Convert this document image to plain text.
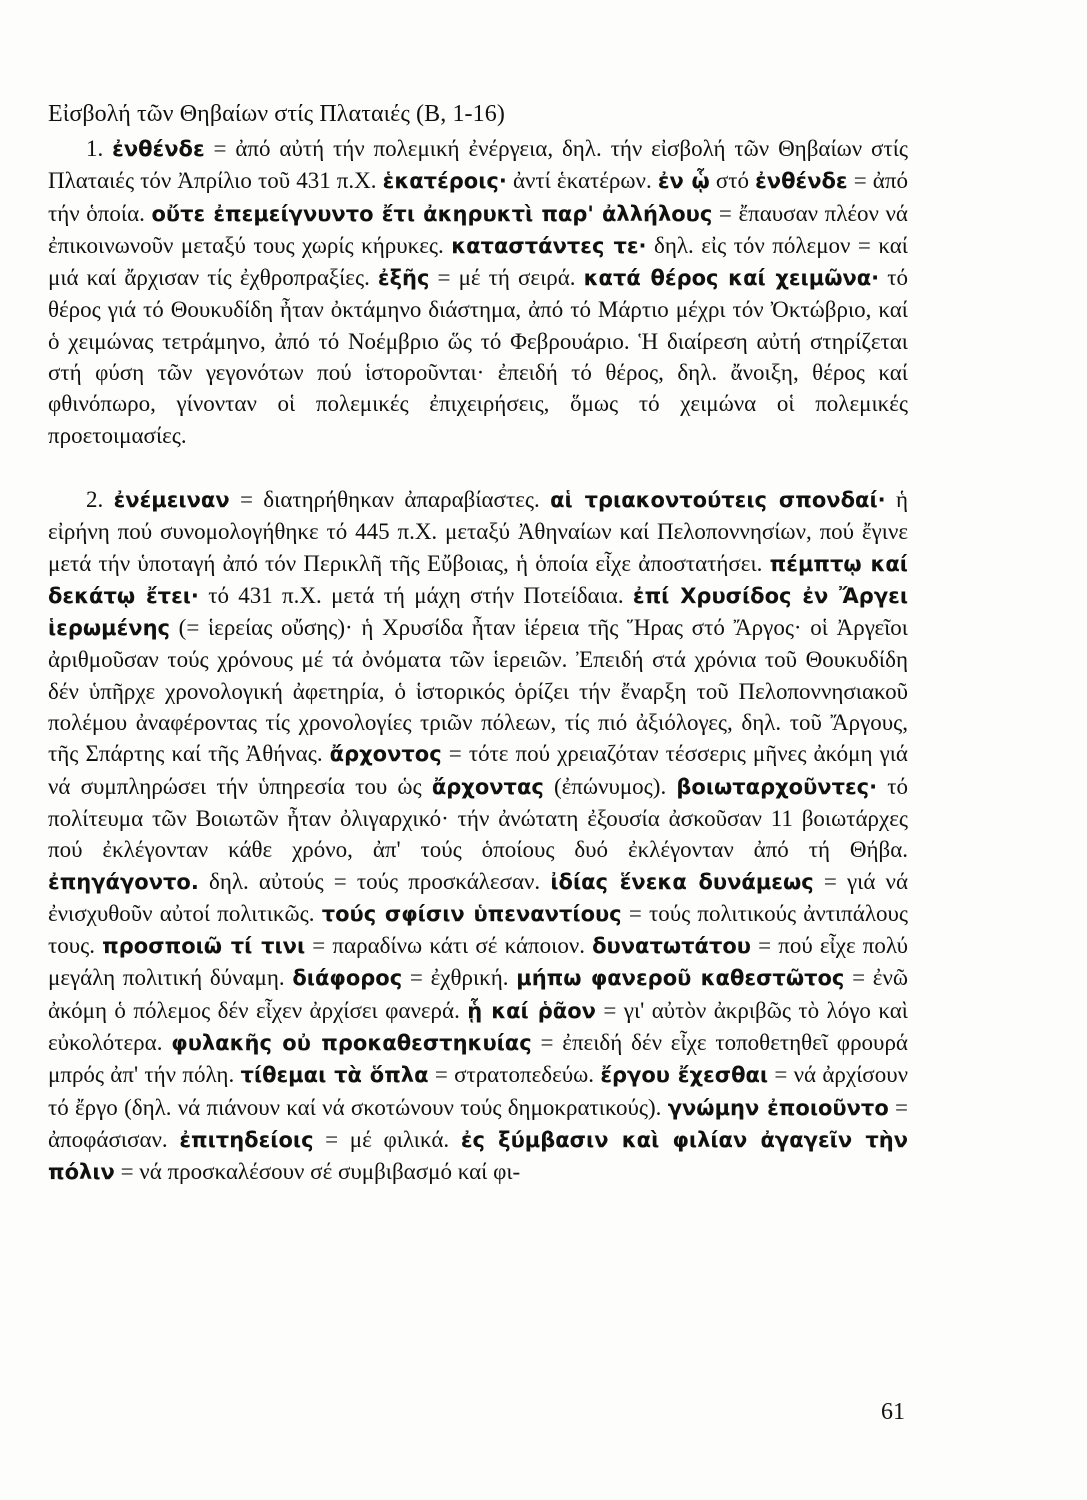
Εἰσβολή τῶν Θηβαίων στίς Πλαταιές (Β, 1-16)

1. ἐνθένδε = ἀπό αὐτή τήν πολεμική ἐνέργεια, δηλ. τήν εἰσβολή τῶν Θηβαίων στίς Πλαταιές τόν Ἀπρίλιο τοῦ 431 π.Χ. ἑκατέροις· ἀντί ἑκατέρων. ἐν ᾧ στό ἐνθένδε = ἀπό τήν ὁποία. οὔτε ἐπεμείγνυντο ἔτι ἀκηρυκτὶ παρ' ἀλλήλους = ἔπαυσαν πλέον νά ἐπικοινωνοῦν μεταξύ τους χωρίς κήρυκες. καταστάντες τε· δηλ. εἰς τόν πόλεμον = καί μιά καί ἄρχισαν τίς ἐχθροπραξίες. ἐξῆς = μέ τή σειρά. κατά θέρος καί χειμῶνα· τό θέρος γιά τό Θουκυδίδη ἦταν ὀκτάμηνο διάστημα, ἀπό τό Μάρτιο μέχρι τόν Ὀκτώβριο, καί ὁ χειμώνας τετράμηνο, ἀπό τό Νοέμβριο ὥς τό Φεβρουάριο. Ἡ διαίρεση αὐτή στηρίζεται στή φύση τῶν γεγονότων πού ἱστοροῦνται· ἐπειδή τό θέρος, δηλ. ἄνοιξη, θέρος καί φθινόπωρο, γίνονταν οἱ πολεμικές ἐπιχειρήσεις, ὅμως τό χειμώνα οἱ πολεμικές προετοιμασίες.

2. ἐνέμειναν = διατηρήθηκαν ἀπαραβίαστες. αἱ τριακοντούτεις σπονδαί· ἡ εἰρήνη πού συνομολογήθηκε τό 445 π.Χ. μεταξύ Ἀθηναίων καί Πελοποννησίων, πού ἔγινε μετά τήν ὑποταγή ἀπό τόν Περικλῆ τῆς Εὔβοιας, ἡ ὁποία εἶχε ἀποστατήσει. πέμπτῳ καί δεκάτῳ ἔτει· τό 431 π.Χ. μετά τή μάχη στήν Ποτείδαια. ἐπί Χρυσίδος ἐν Ἄργει ἱερωμένης (= ἱερείας οὔσης)· ἡ Χρυσίδα ἦταν ἱέρεια τῆς Ἥρας στό Ἄργος· οἱ Ἀργεῖοι ἀριθμοῦσαν τούς χρόνους μέ τά ὀνόματα τῶν ἱερειῶν. Ἐπειδή στά χρόνια τοῦ Θουκυδίδη δέν ὑπῆρχε χρονολογική ἀφετηρία, ὁ ἱστορικός ὁρίζει τήν ἔναρξη τοῦ Πελοποννησιακοῦ πολέμου ἀναφέροντας τίς χρονολογίες τριῶν πόλεων, τίς πιό ἀξιόλογες, δηλ. τοῦ Ἄργους, τῆς Σπάρτης καί τῆς Ἀθήνας. ἄρχοντος = τότε πού χρειαζόταν τέσσερις μῆνες ἀκόμη γιά νά συμπληρώσει τήν ὑπηρεσία του ὡς ἄρχοντας (ἐπώνυμος). βοιωταρχοῦντες· τό πολίτευμα τῶν Βοιωτῶν ἦταν ὀλιγαρχικό· τήν ἀνώτατη ἐξουσία ἀσκοῦσαν 11 βοιωτάρχες πού ἐκλέγονταν κάθε χρόνο, ἀπ' τούς ὁποίους δυό ἐκλέγονταν ἀπό τή Θήβα. ἐπηγάγοντο. δηλ. αὐτούς = τούς προσκάλεσαν. ἰδίας ἕνεκα δυνάμεως = γιά νά ἐνισχυθοῦν αὐτοί πολιτικῶς. τούς σφίσιν ὑπεναντίους = τούς πολιτικούς ἀντιπάλους τους. προσποιῶ τί τινι = παραδίνω κάτι σέ κάποιον. δυνατωτάτου = πού εἶχε πολύ μεγάλη πολιτική δύναμη. διάφορος = ἐχθρική. μήπω φανεροῦ καθεστῶτος = ἐνῶ ἀκόμη ὁ πόλεμος δέν εἶχεν ἀρχίσει φανερά. ᾗ καί ῥᾶον = γι' αὐτὸν ἀκριβῶς τὸ λόγο καὶ εὐκολότερα. φυλακῆς οὐ προκαθεστηκυίας = ἐπειδή δέν εἶχε τοποθετηθεῖ φρουρά μπρός ἀπ' τήν πόλη. τίθεμαι τὰ ὅπλα = στρατοπεδεύω. ἔργου ἔχεσθαι = νά ἀρχίσουν τό ἔργο (δηλ. νά πιάνουν καί νά σκοτώνουν τούς δημοκρατικούς). γνώμην ἐποιοῦντο = ἀποφάσισαν. ἐπιτηδείοις = μέ φιλικά. ἐς ξύμβασιν καὶ φιλίαν ἀγαγεῖν τὴν πόλιν = νά προσκαλέσουν σέ συμβιβασμό καί φι-

61
